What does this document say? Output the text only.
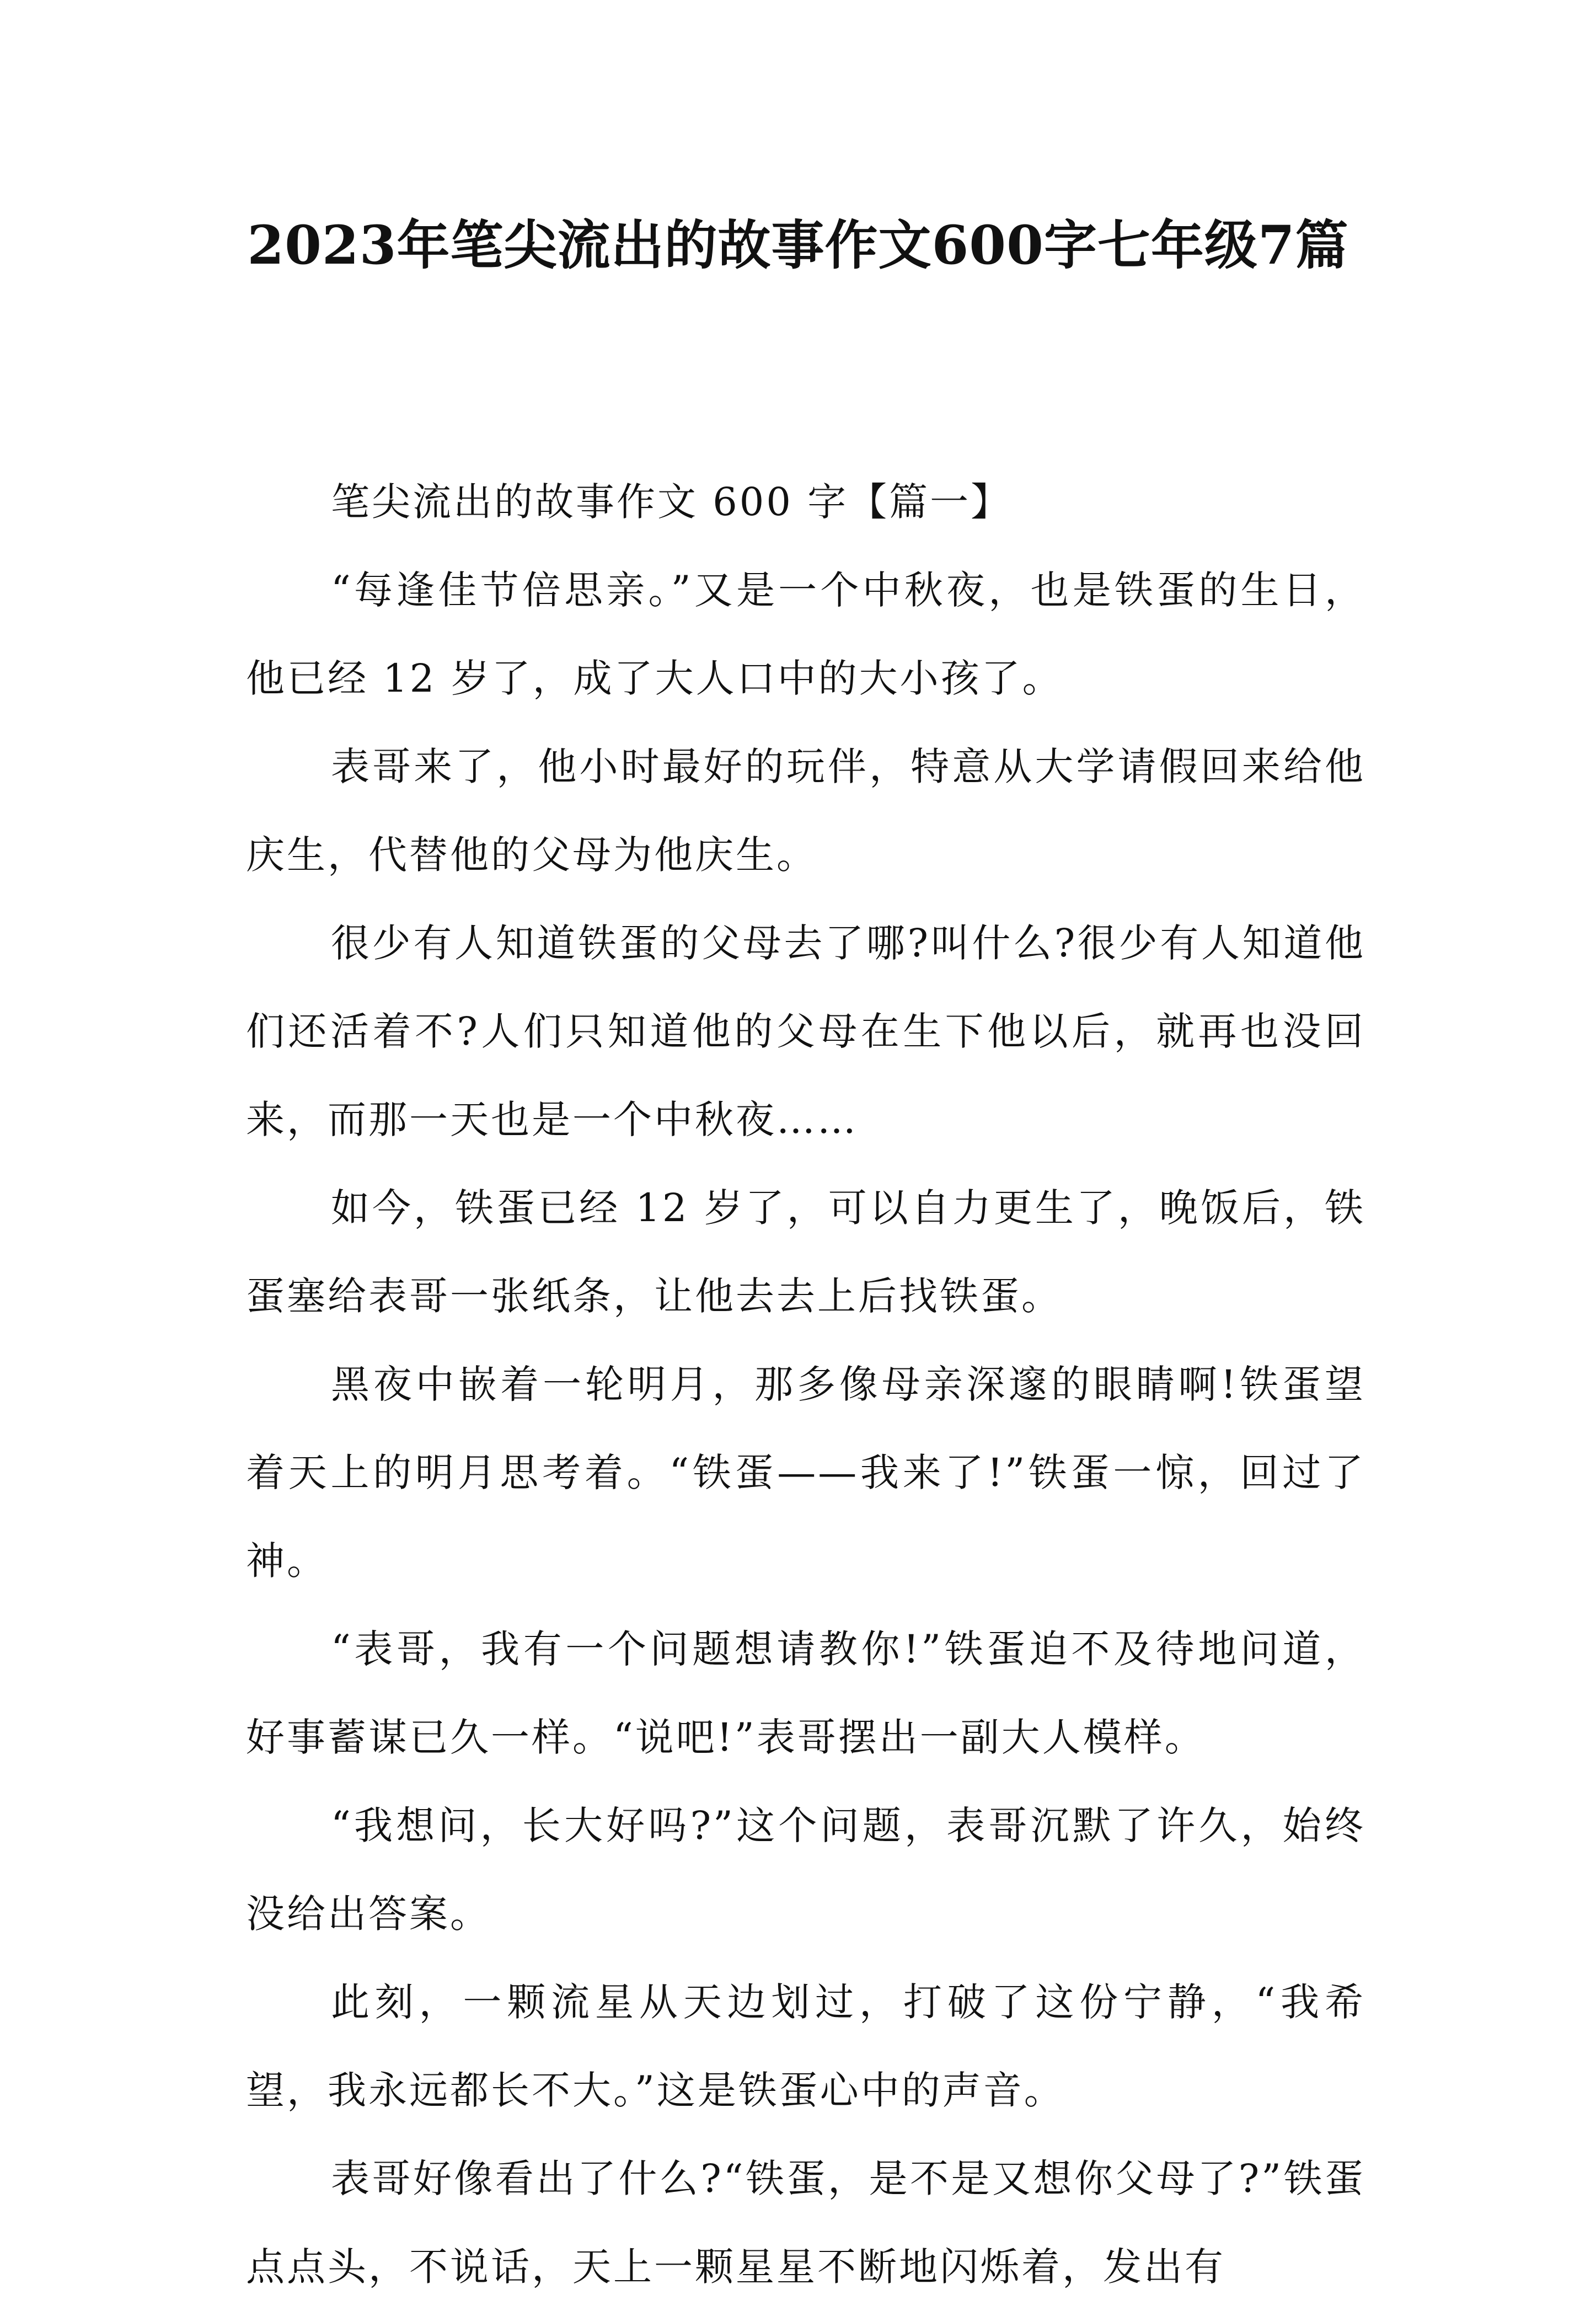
2023年笔尖流出的故事作文600字七年级7篇

笔尖流出的故事作文 600 字【篇一】

“每逢佳节倍思亲。”又是一个中秋夜，也是铁蛋的生日，他已经 12 岁了，成了大人口中的大小孩了。

表哥来了，他小时最好的玩伴，特意从大学请假回来给他庆生，代替他的父母为他庆生。

很少有人知道铁蛋的父母去了哪?叫什么?很少有人知道他们还活着不?人们只知道他的父母在生下他以后，就再也没回来，而那一天也是一个中秋夜……

如今，铁蛋已经 12 岁了，可以自力更生了，晚饭后，铁蛋塞给表哥一张纸条，让他去去上后找铁蛋。

黑夜中嵌着一轮明月，那多像母亲深邃的眼睛啊!铁蛋望着天上的明月思考着。“铁蛋——我来了!”铁蛋一惊，回过了神。

“表哥，我有一个问题想请教你!”铁蛋迫不及待地问道，好事蓄谋已久一样。“说吧!”表哥摆出一副大人模样。

“我想问，长大好吗?”这个问题，表哥沉默了许久，始终没给出答案。

此刻，一颗流星从天边划过，打破了这份宁静，“我希望，我永远都长不大。”这是铁蛋心中的声音。

表哥好像看出了什么?“铁蛋，是不是又想你父母了?”铁蛋点点头，不说话，天上一颗星星不断地闪烁着，发出有
